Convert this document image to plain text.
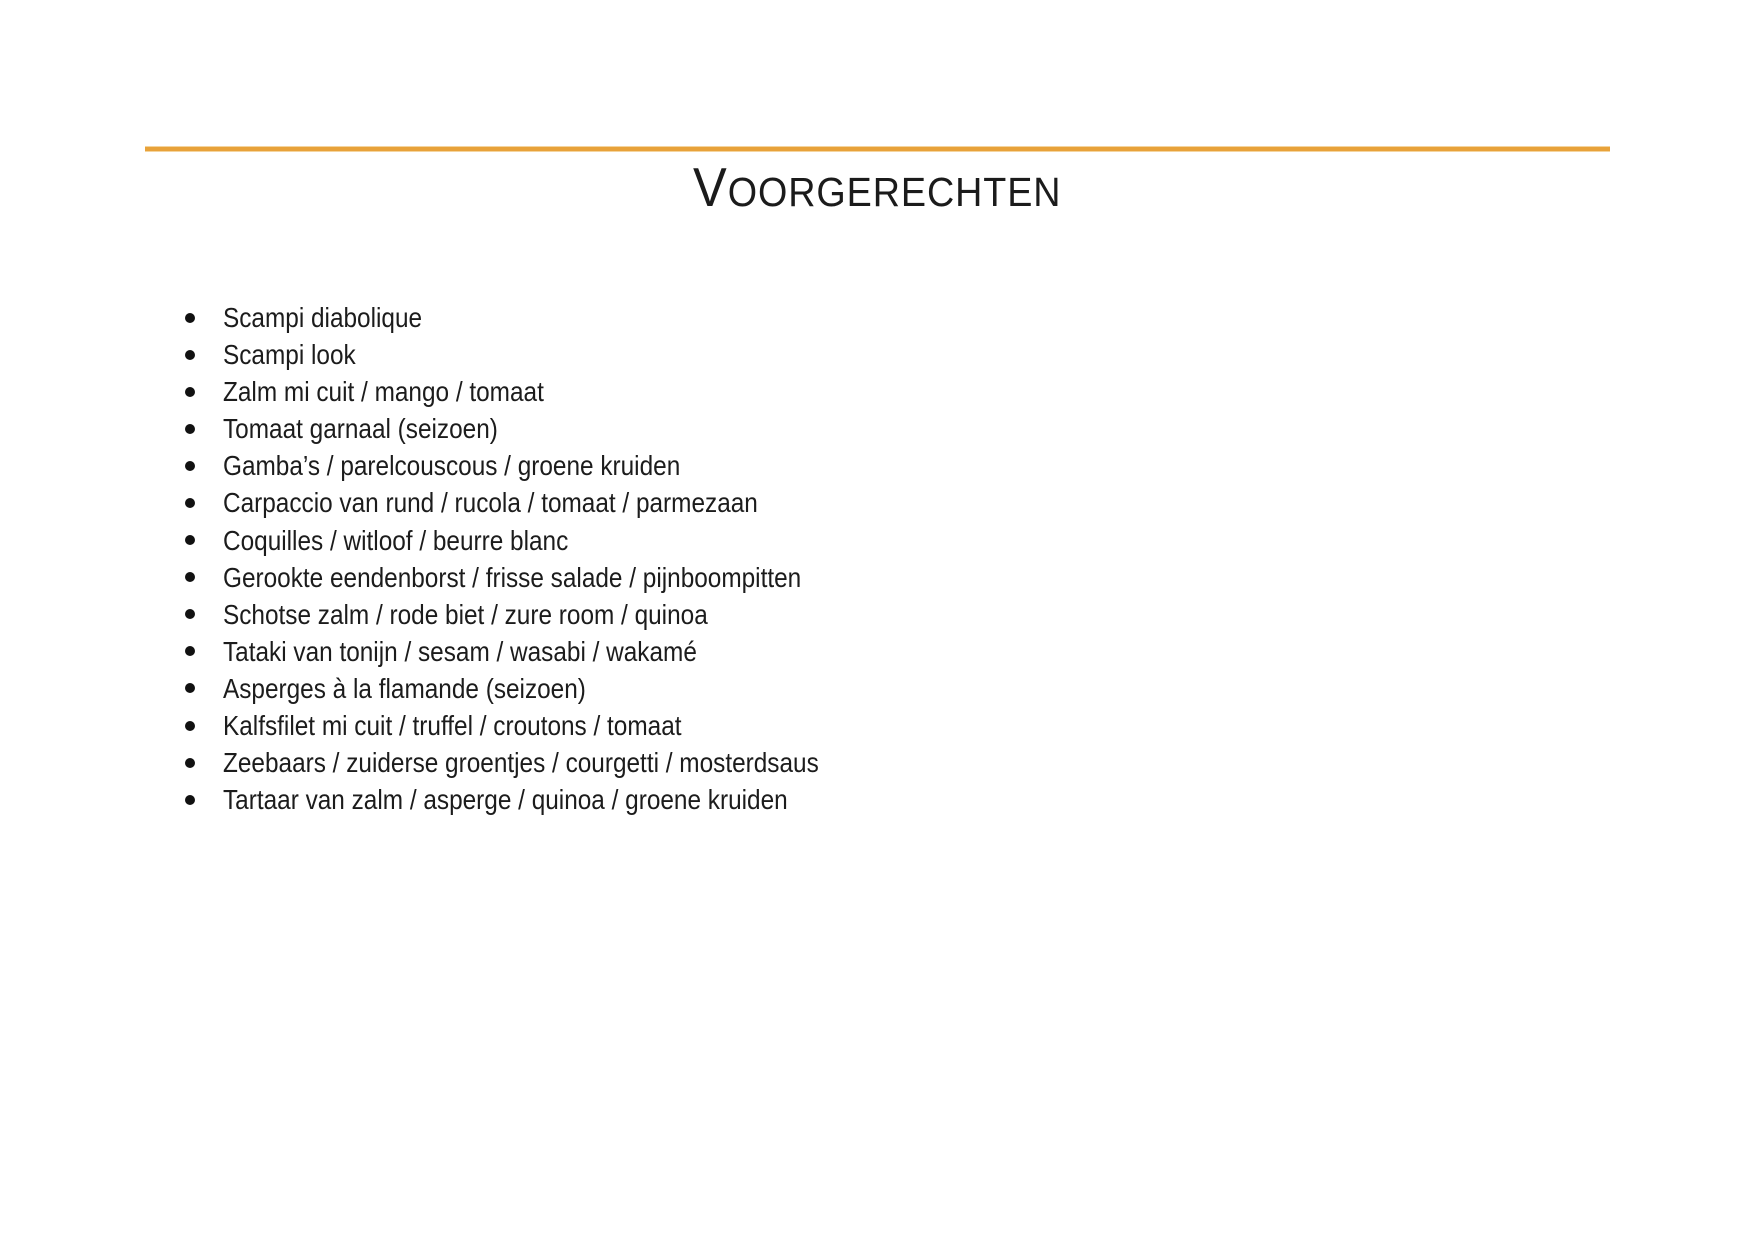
V OORGERECHTEN
Scampi diabolique
Scampi look
Zalm mi cuit / mango / tomaat
Tomaat garnaal (seizoen)
Gamba’s / parelcouscous / groene kruiden
Carpaccio van rund / rucola / tomaat / parmezaan
Coquilles / witloof / beurre blanc
Gerookte eendenborst / frisse salade / pijnboompitten
Schotse zalm / rode biet / zure room / quinoa
Tataki van tonijn / sesam / wasabi / wakamé
Asperges à la flamande (seizoen)
Kalfsfilet mi cuit / truffel / croutons / tomaat
Zeebaars / zuiderse groentjes / courgetti / mosterdsaus
Tartaar van zalm / asperge / quinoa / groene kruiden
